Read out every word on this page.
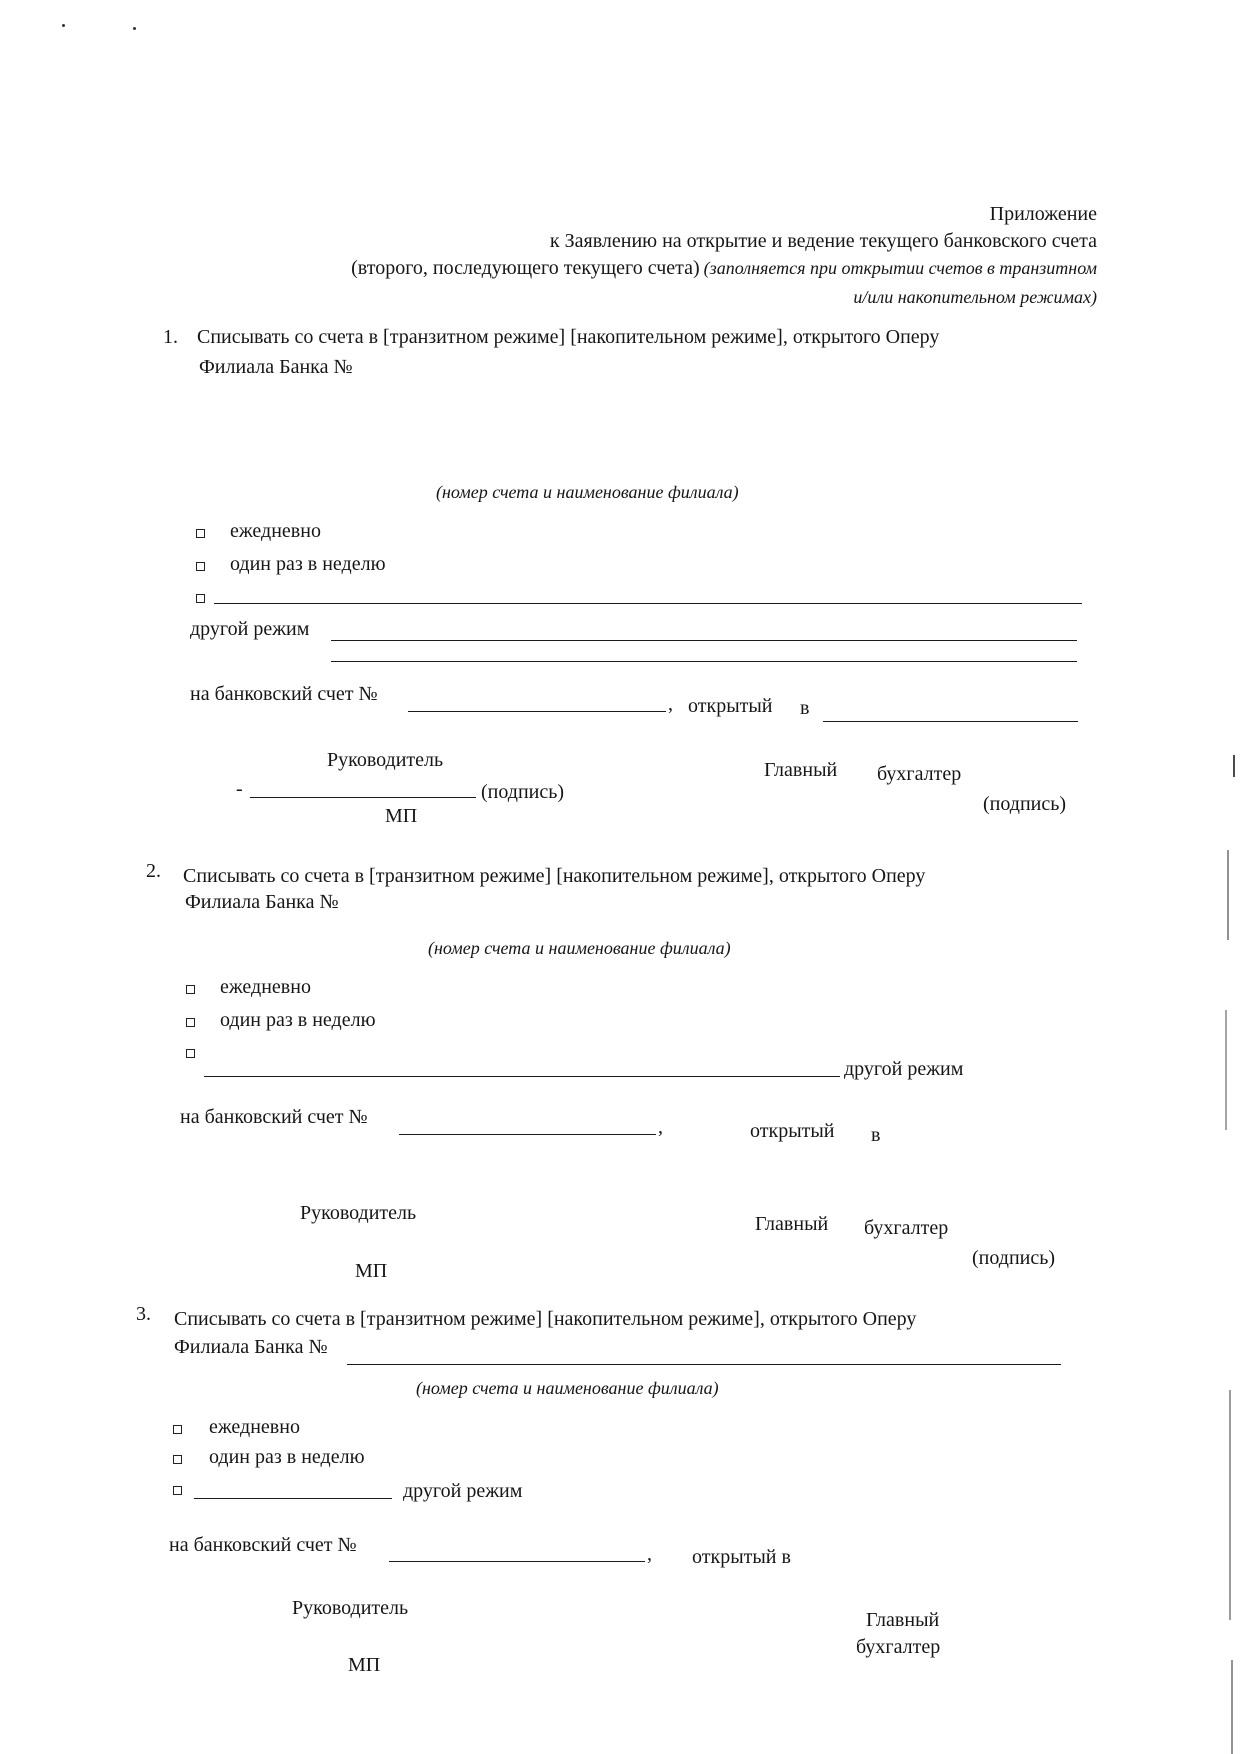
Приложение
к Заявлению на открытие и ведение текущего банковского счета
(второго, последующего текущего счета) (заполняется при открытии счетов в транзитном
и/или накопительном режимах)
1. Списывать со счета в [транзитном режиме] [накопительном режиме], открытого Оперу
Филиала Банка №
(номер счета и наименование филиала)
ежедневно
один раз в неделю
другой режим
на банковский счет №	, открытый в
Руководитель
-	(подпись)
МП
Главный бухгалтер
(подпись)
2. Списывать со счета в [транзитном режиме] [накопительном режиме], открытого Оперу
Филиала Банка №
(номер счета и наименование филиала)
ежедневно
один раз в неделю
другой режим
на банковский счет №	,	открытый в
Руководитель
МП
Главный бухгалтер
(подпись)
3. Списывать со счета в [транзитном режиме] [накопительном режиме], открытого Оперу
Филиала Банка №
(номер счета и наименование филиала)
ежедневно
один раз в неделю
другой режим
на банковский счет №	, открытый в
Руководитель
МП
Главный
бухгалтер
